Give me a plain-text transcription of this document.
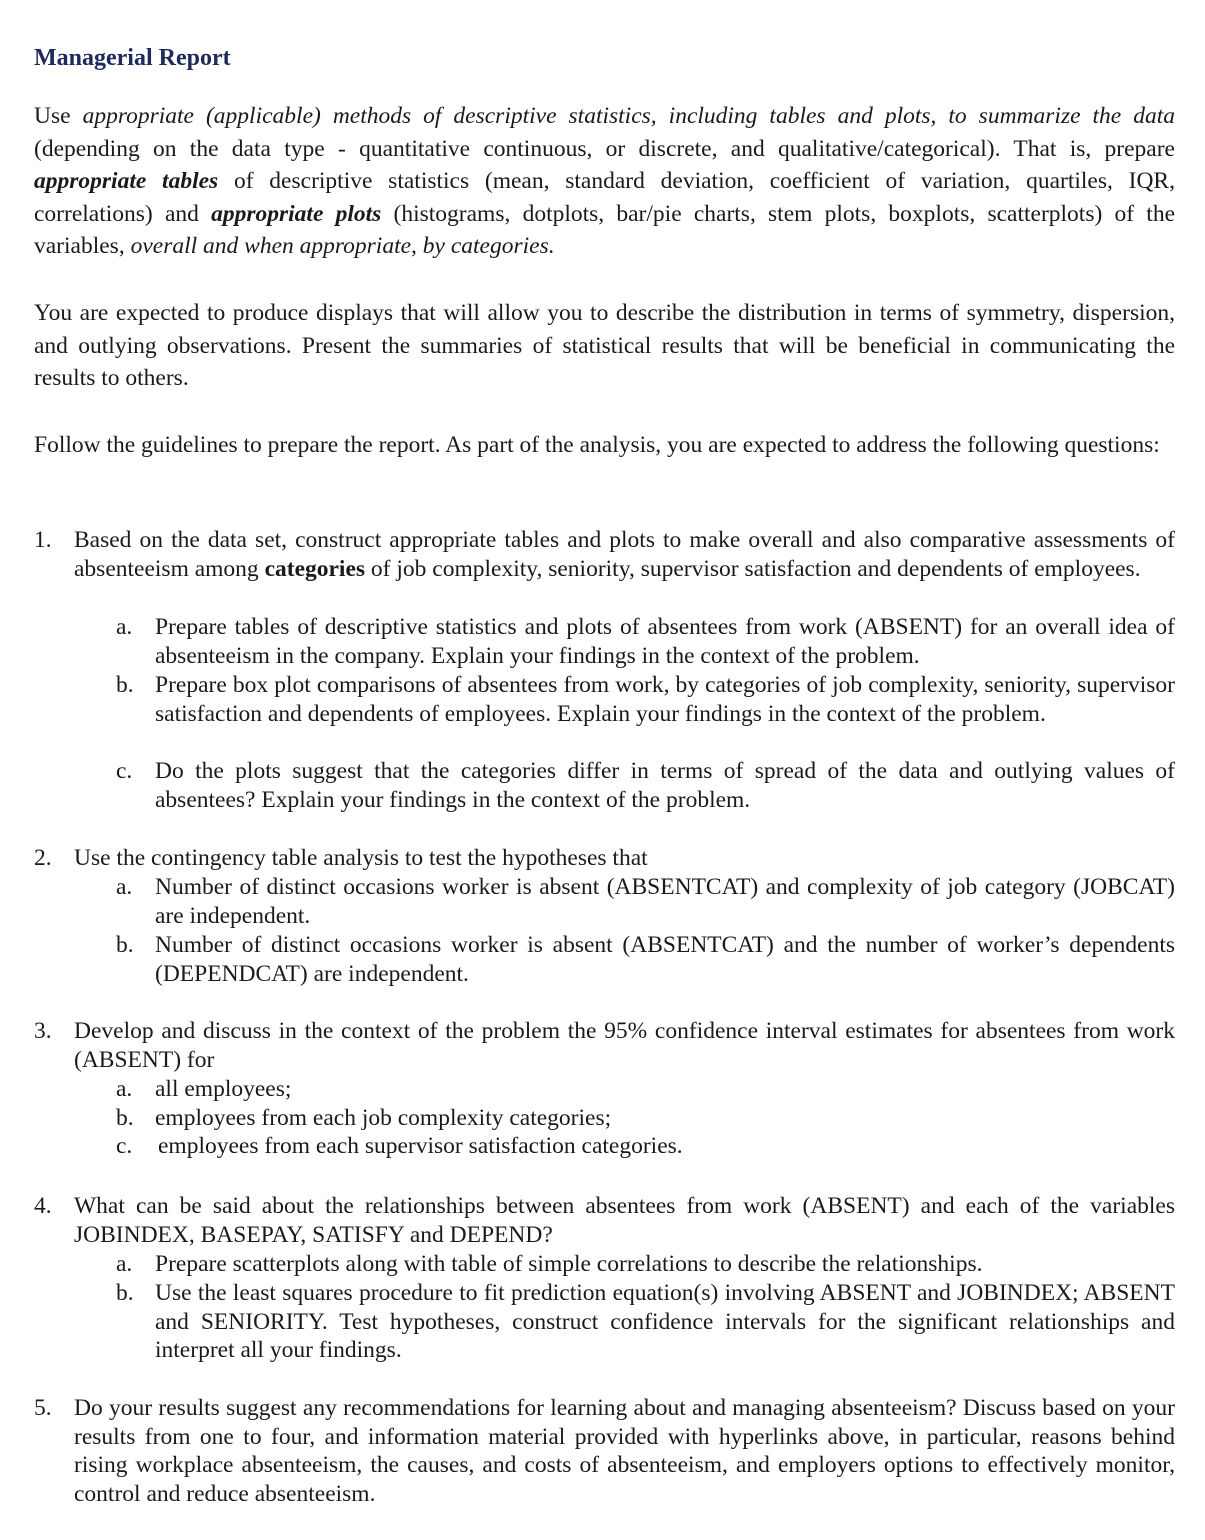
Managerial Report
Use appropriate (applicable) methods of descriptive statistics, including tables and plots, to summarize the data (depending on the data type - quantitative continuous, or discrete, and qualitative/categorical). That is, prepare appropriate tables of descriptive statistics (mean, standard deviation, coefficient of variation, quartiles, IQR, correlations) and appropriate plots (histograms, dotplots, bar/pie charts, stem plots, boxplots, scatterplots) of the variables, overall and when appropriate, by categories.
You are expected to produce displays that will allow you to describe the distribution in terms of symmetry, dispersion, and outlying observations. Present the summaries of statistical results that will be beneficial in communicating the results to others.
Follow the guidelines to prepare the report. As part of the analysis, you are expected to address the following questions:
1. Based on the data set, construct appropriate tables and plots to make overall and also comparative assessments of absenteeism among categories of job complexity, seniority, supervisor satisfaction and dependents of employees.
a. Prepare tables of descriptive statistics and plots of absentees from work (ABSENT) for an overall idea of absenteeism in the company. Explain your findings in the context of the problem.
b. Prepare box plot comparisons of absentees from work, by categories of job complexity, seniority, supervisor satisfaction and dependents of employees. Explain your findings in the context of the problem.
c. Do the plots suggest that the categories differ in terms of spread of the data and outlying values of absentees? Explain your findings in the context of the problem.
2. Use the contingency table analysis to test the hypotheses that
a. Number of distinct occasions worker is absent (ABSENTCAT) and complexity of job category (JOBCAT) are independent.
b. Number of distinct occasions worker is absent (ABSENTCAT) and the number of worker’s dependents (DEPENDCAT) are independent.
3. Develop and discuss in the context of the problem the 95% confidence interval estimates for absentees from work (ABSENT) for
a. all employees;
b. employees from each job complexity categories;
c. employees from each supervisor satisfaction categories.
4. What can be said about the relationships between absentees from work (ABSENT) and each of the variables JOBINDEX, BASEPAY, SATISFY and DEPEND?
a. Prepare scatterplots along with table of simple correlations to describe the relationships.
b. Use the least squares procedure to fit prediction equation(s) involving ABSENT and JOBINDEX; ABSENT and SENIORITY. Test hypotheses, construct confidence intervals for the significant relationships and interpret all your findings.
5. Do your results suggest any recommendations for learning about and managing absenteeism? Discuss based on your results from one to four, and information material provided with hyperlinks above, in particular, reasons behind rising workplace absenteeism, the causes, and costs of absenteeism, and employers options to effectively monitor, control and reduce absenteeism.
